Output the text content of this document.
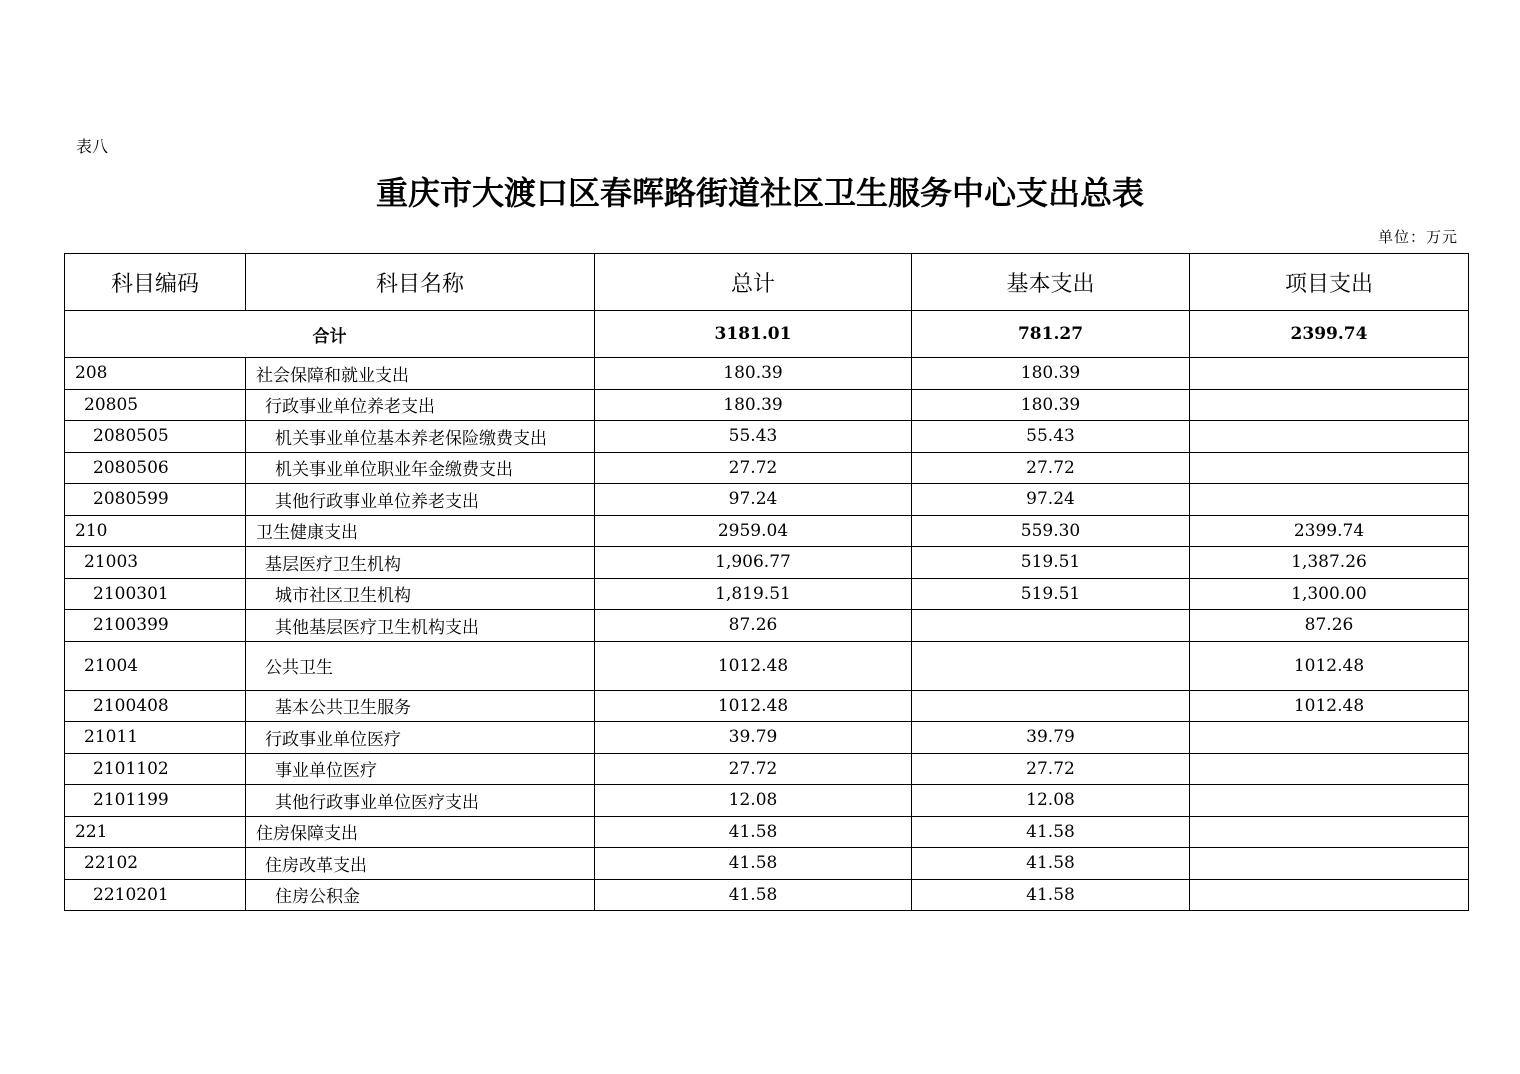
表八
重庆市大渡口区春晖路街道社区卫生服务中心支出总表
单位：万元
科目编码	科目名称	总计	基本支出	项目支出
合计		3181.01	781.27	2399.74
208	社会保障和就业支出	180.39	180.39	
20805	行政事业单位养老支出	180.39	180.39	
2080505	机关事业单位基本养老保险缴费支出	55.43	55.43	
2080506	机关事业单位职业年金缴费支出	27.72	27.72	
2080599	其他行政事业单位养老支出	97.24	97.24	
210	卫生健康支出	2959.04	559.30	2399.74
21003	基层医疗卫生机构	1,906.77	519.51	1,387.26
2100301	城市社区卫生机构	1,819.51	519.51	1,300.00
2100399	其他基层医疗卫生机构支出	87.26		87.26
21004	公共卫生	1012.48		1012.48
2100408	基本公共卫生服务	1012.48		1012.48
21011	行政事业单位医疗	39.79	39.79	
2101102	事业单位医疗	27.72	27.72	
2101199	其他行政事业单位医疗支出	12.08	12.08	
221	住房保障支出	41.58	41.58	
22102	住房改革支出	41.58	41.58	
2210201	住房公积金	41.58	41.58	
